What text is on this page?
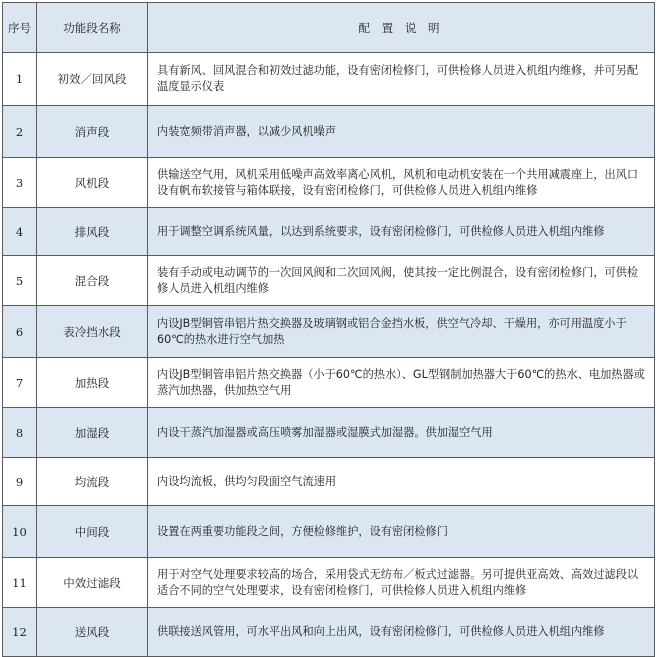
序号	功能段名称	配 置 说 明
1	初效／回风段	具有新风、回风混合和初效过滤功能，设有密闭检修门，可供检修人员进入机组内维修，并可另配温度显示仪表
2	消声段	内装宽频带消声器，以减少风机噪声
3	风机段	供输送空气用，风机采用低噪声高效率离心风机，风机和电动机安装在一个共用减震座上，出风口设有帆布软接管与箱体联接，设有密闭检修门，可供检修人员进入机组内维修
4	排风段	用于调整空调系统风量，以达到系统要求，设有密闭检修门，可供检修人员进入机组内维修
5	混合段	装有手动或电动调节的一次回风阀和二次回风阀，使其按一定比例混合，设有密闭检修门，可供检修人员进入机组内维修
6	表冷挡水段	内设JB型铜管串铝片热交换器及玻璃钢或铝合金挡水板，供空气冷却、干燥用，亦可用温度小于60℃的热水进行空气加热
7	加热段	内设JB型铜管串铝片热交换器（小于60℃的热水）、GL型钢制加热器大于60℃的热水、电加热器或蒸汽加热器，供加热空气用
8	加湿段	内设干蒸汽加湿器或高压喷雾加湿器或湿膜式加湿器。供加湿空气用
9	均流段	内设均流板，供均匀段面空气流速用
10	中间段	设置在两重要功能段之间，方便检修维护，设有密闭检修门
11	中效过滤段	用于对空气处理要求较高的场合，采用袋式无纺布／板式过滤器。另可提供亚高效、高效过滤段以适合不同的空气处理要求，设有密闭检修门，可供检修人员进入机组内维修
12	送风段	供联接送风管用，可水平出风和向上出风，设有密闭检修门，可供检修人员进入机组内维修
